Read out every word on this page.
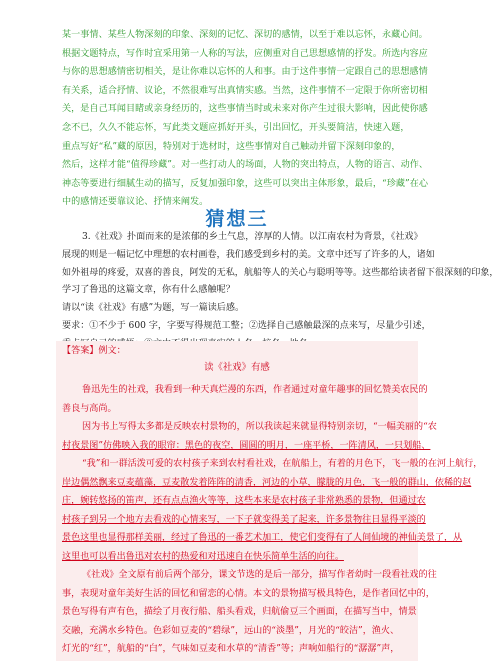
某一事情、某些人物深刻的印象、深刻的记忆、深切的感情，以至于难以忘怀，永藏心间。
根据文题特点，写作时宜采用第一人称的写法，应侧重对自己思想感情的抒发。所选内容应
与你的思想感情密切相关，是让你难以忘怀的人和事。由于这件事情一定跟自己的思想感情
有关系，适合抒情、议论，不然很难写出真情实感。当然，这件事情不一定限于你所密切相
关，是自己耳闻目睹或亲身经历的，这些事情当时或未来对你产生过很大影响，因此使你感
念不已，久久不能忘怀，写此类文题应抓好开头，引出回忆，开头要简洁，快速入题，
重点写好“私”藏的原因，特别对于选材时，这些事情对自己触动并留下深刻印象的，
然后，这样才能“值得珍藏”。对一些打动人的场面，人物的突出特点，人物的语言、动作、
神态等要进行细腻生动的描写，反复加强印象，这些可以突出主体形象，最后，“珍藏”在心
中的感情还要靠议论、抒情来阐发。
猜想三
3.《社戏》扑面而来的是浓郁的乡土气息，淳厚的人情。以江南农村为背景，《社戏》
展现的则是一幅记忆中理想的农村画卷，我们感受到乡村的美。文章中还写了许多的人，诸如
如外祖母的疼爱，双喜的善良，阿发的无私，航船等人的关心与聪明等等。这些都给读者留下很深刻的印象，
学习了鲁迅的这篇文章，你有什么感触呢？
请以“读《社戏》有感”为题，写一篇读后感。
要求：①不少于 600 字，字要写得规范工整；②选择自己感触最深的点来写，尽量少引述，
【答案】例文：
读《社戏》有感
鲁迅先生的社戏，我看到一种天真烂漫的东西，作者通过对童年趣事的回忆赞美农民的
善良与高尚。
因为书上写得太多都是反映农村景物的，所以我读起来就显得特别亲切，“一幅美丽的“农
村夜景图”仿佛映入我的眼帘：黑色的夜空，圆圆的明月，一座平桥，一阵清风，一只划船、
“我”和一群活泼可爱的农村孩子来到农村看社戏，在航船上，有着的月色下，飞一般的在河上航行，
岸边偶然飘来豆麦蕴藻，豆麦散发着阵阵的清香，河边的小草，朦胧的月色，飞一般的群山，依稀的赵
庄，婉转悠扬的笛声，还有点点渔火等等，这些本来是农村孩子非常熟悉的景物，但通过农
村孩子到另一个地方去看戏的心情来写，一下子就变得美了起来，许多景物往日显得平淡的
景色这里也显得那样美丽，经过了鲁迅的一番艺术加工，使它们变得有了人间仙境的神仙美景了，从
这里也可以看出鲁迅对农村的热爱和对迅速自在快乐简单生活的向往。
《社戏》全文原有前后两个部分，课文节选的是后一部分，描写作者幼时一段看社戏的往
事，表现对童年美好生活的回忆和留恋的心情。本文的景物描写极具特色，是作者回忆中的，
景色写得有声有色，描绘了月夜行船、船头看戏，归航偷豆三个画面，在描写当中，情景
交融，充满水乡特色。色彩如豆麦的“碧绿”，远山的“淡墨”，月光的“皎洁”，渔火、
灯光的“红”，航船的“白”，气味如豆麦和水草的“清香”等；声响如船行的“潺潺”声，
